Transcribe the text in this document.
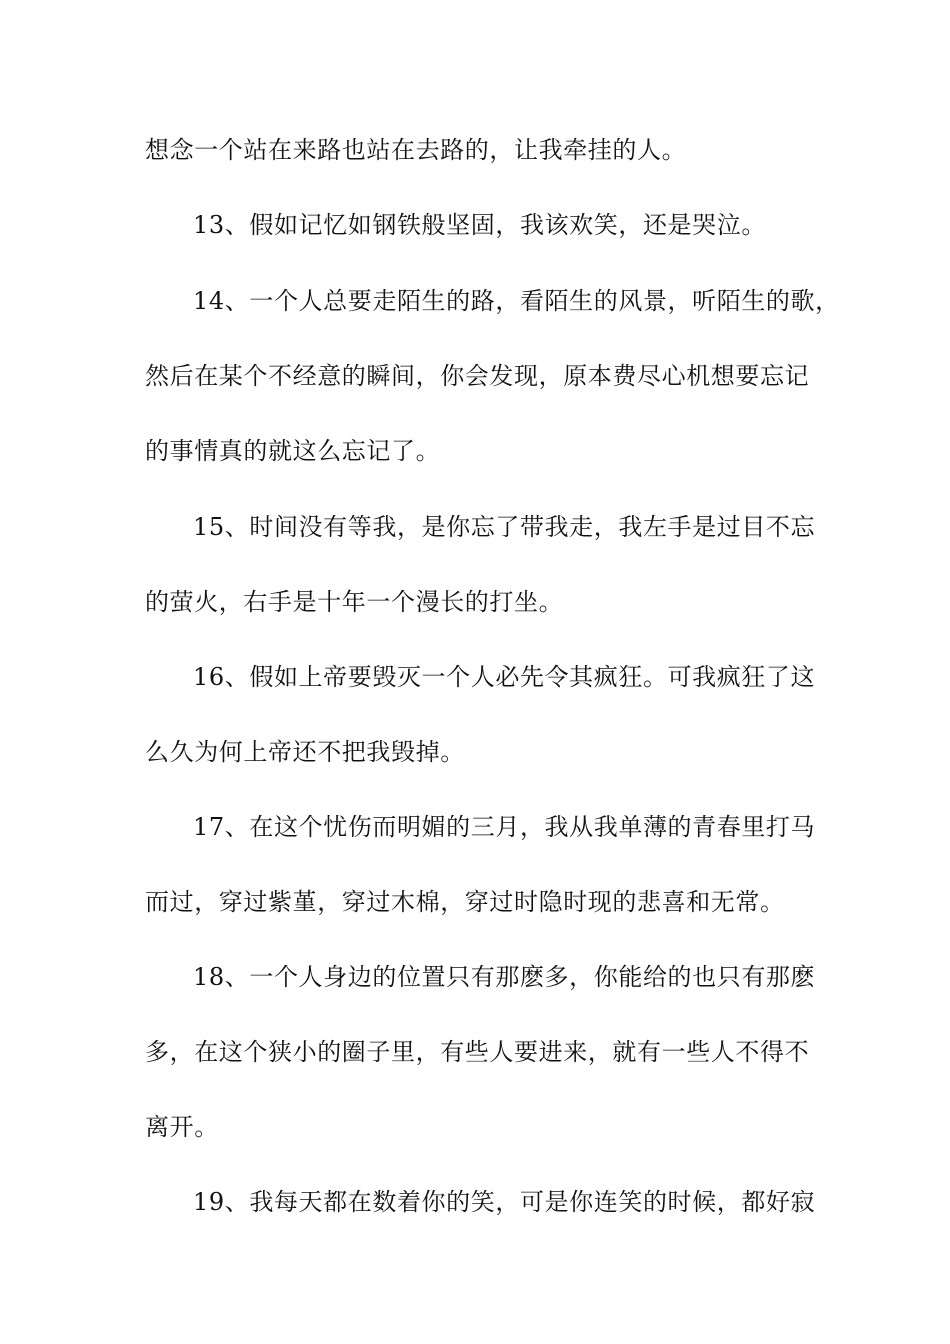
想念一个站在来路也站在去路的，让我牵挂的人。
13、假如记忆如钢铁般坚固，我该欢笑，还是哭泣。
14、一个人总要走陌生的路，看陌生的风景，听陌生的歌，
然后在某个不经意的瞬间，你会发现，原本费尽心机想要忘记
的事情真的就这么忘记了。
15、时间没有等我，是你忘了带我走，我左手是过目不忘
的萤火，右手是十年一个漫长的打坐。
16、假如上帝要毁灭一个人必先令其疯狂。可我疯狂了这
么久为何上帝还不把我毁掉。
17、在这个忧伤而明媚的三月，我从我单薄的青春里打马
而过，穿过紫堇，穿过木棉，穿过时隐时现的悲喜和无常。
18、一个人身边的位置只有那麽多，你能给的也只有那麽
多，在这个狭小的圈子里，有些人要进来，就有一些人不得不
离开。
19、我每天都在数着你的笑，可是你连笑的时候，都好寂
